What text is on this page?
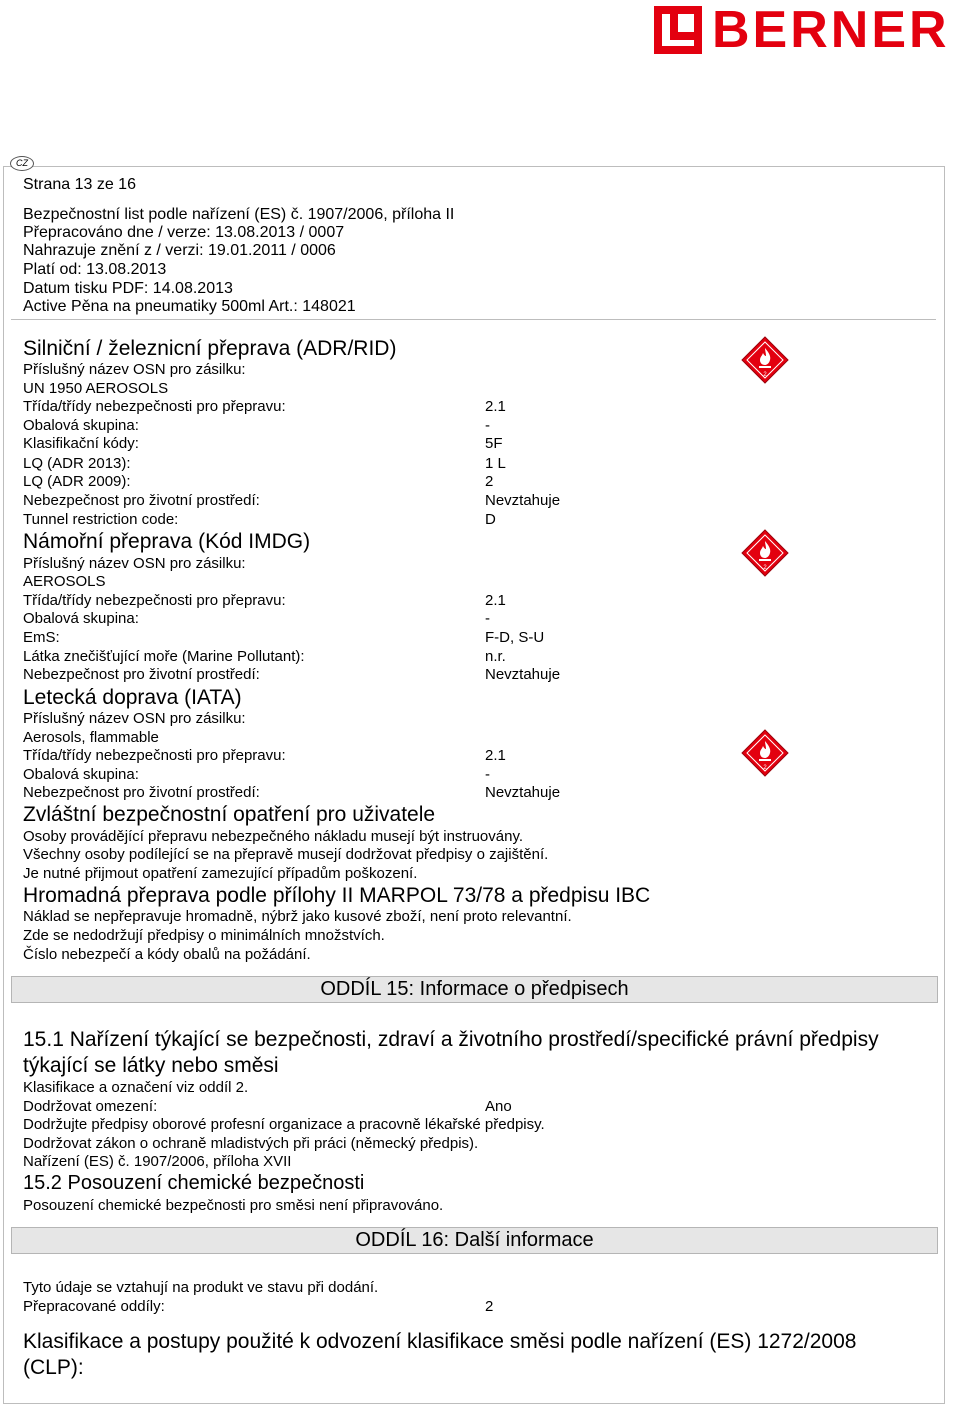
BERNER
CZ
Strana 13 ze 16
Bezpečnostní list podle nařízení (ES) č. 1907/2006, příloha II
Přepracováno dne / verze: 13.08.2013 / 0007
Nahrazuje znění z / verzi: 19.01.2011 / 0006
Platí od: 13.08.2013
Datum tisku PDF: 14.08.2013
Active Pěna na pneumatiky 500ml Art.: 148021
Silniční / železnicní přeprava (ADR/RID)
Příslušný název OSN pro zásilku:
UN 1950 AEROSOLS
Třída/třídy nebezpečnosti pro přepravu:	2.1
Obalová skupina:	-
Klasifikační kódy:	5F
LQ (ADR 2013):	1 L
LQ (ADR 2009):	2
Nebezpečnost pro životní prostředí:	Nevztahuje
Tunnel restriction code:	D
Námořní přeprava (Kód IMDG)
Příslušný název OSN pro zásilku:
AEROSOLS
Třída/třídy nebezpečnosti pro přepravu:	2.1
Obalová skupina:	-
EmS:	F-D, S-U
Látka znečišťující moře (Marine Pollutant):	n.r.
Nebezpečnost pro životní prostředí:	Nevztahuje
Letecká doprava (IATA)
Příslušný název OSN pro zásilku:
Aerosols, flammable
Třída/třídy nebezpečnosti pro přepravu:	2.1
Obalová skupina:	-
Nebezpečnost pro životní prostředí:	Nevztahuje
Zvláštní bezpečnostní opatření pro uživatele
Osoby provádějící přepravu nebezpečného nákladu musejí být instruovány.
Všechny osoby podílející se na přepravě musejí dodržovat předpisy o zajištění.
Je nutné přijmout opatření zamezující případům poškození.
Hromadná přeprava podle přílohy II MARPOL 73/78 a předpisu IBC
Náklad se nepřepravuje hromadně, nýbrž jako kusové zboží, není proto relevantní.
Zde se nedodržují předpisy o minimálních množstvích.
Číslo nebezpečí a kódy obalů na požádání.
ODDÍL 15: Informace o předpisech
15.1 Nařízení týkající se bezpečnosti, zdraví a životního prostředí/specifické právní předpisy
týkající se látky nebo směsi
Klasifikace a označení viz oddíl 2.
Dodržovat omezení:	Ano
Dodržujte předpisy oborové profesní organizace a pracovně lékařské předpisy.
Dodržovat zákon o ochraně mladistvých při práci (německý předpis).
Nařízení (ES) č. 1907/2006, příloha XVII
15.2 Posouzení chemické bezpečnosti
Posouzení chemické bezpečnosti pro směsi není připravováno.
ODDÍL 16: Další informace
Tyto údaje se vztahují na produkt ve stavu při dodání.
Přepracované oddíly:	2
Klasifikace a postupy použité k odvození klasifikace směsi podle nařízení (ES) 1272/2008
(CLP):
2
2
2
